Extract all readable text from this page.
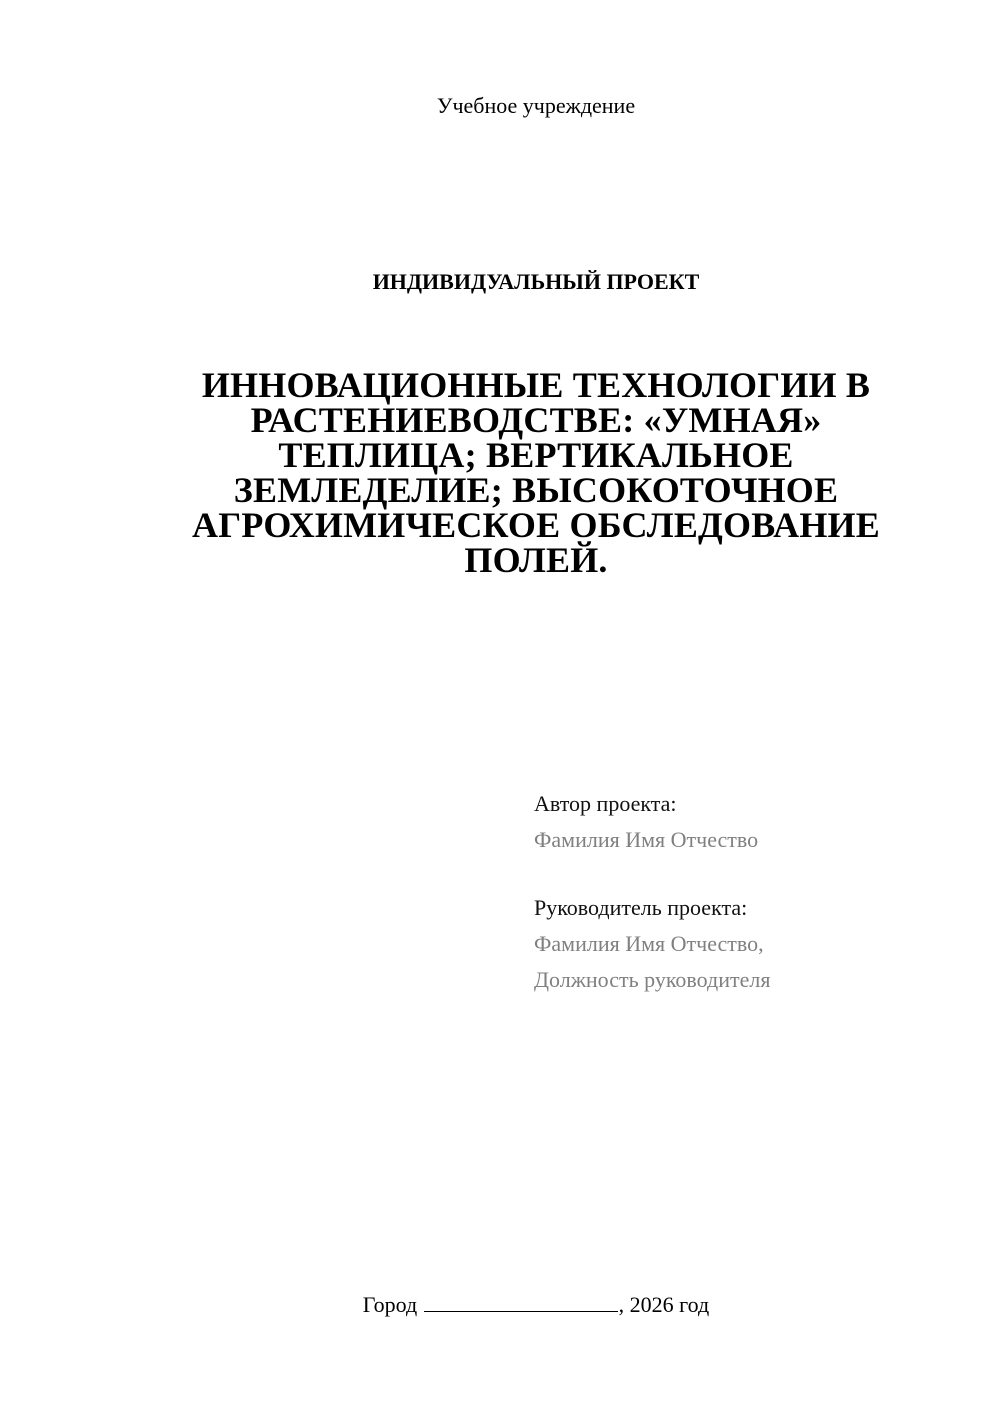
Учебное учреждение
ИНДИВИДУАЛЬНЫЙ ПРОЕКТ
ИННОВАЦИОННЫЕ ТЕХНОЛОГИИ В
РАСТЕНИЕВОДСТВЕ: «УМНАЯ»
ТЕПЛИЦА; ВЕРТИКАЛЬНОЕ
ЗЕМЛЕДЕЛИЕ; ВЫСОКОТОЧНОЕ
АГРОХИМИЧЕСКОЕ ОБСЛЕДОВАНИЕ
ПОЛЕЙ.
Автор проекта:
Фамилия Имя Отчество
Руководитель проекта:
Фамилия Имя Отчество,
Должность руководителя
Город	, 2026 год
